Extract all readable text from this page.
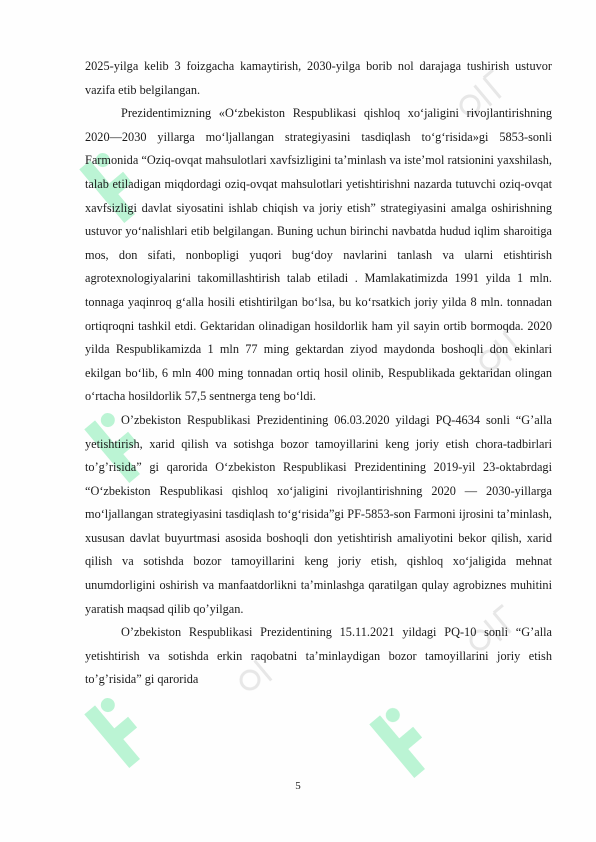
2025-yilga kelib 3 foizgacha kamaytirish, 2030-yilga borib nol darajaga tushirish ustuvor vazifa etib belgilangan.

Prezidentimizning «O‘zbekiston Respublikasi qishloq xo‘jaligini rivojlantirishning 2020—2030 yillarga mo‘ljallangan strategiyasini tasdiqlash to‘g‘risida»gi 5853-sonli Farmonida “Oziq-ovqat mahsulotlari xavfsizligini ta’minlash va iste’mol ratsionini yaxshilash, talab etiladigan miqdordagi oziq-ovqat mahsulotlari yetishtirishni nazarda tutuvchi oziq-ovqat xavfsizligi davlat siyosatini ishlab chiqish va joriy etish” strategiyasini amalga oshirishning ustuvor yo‘nalishlari etib belgilangan. Buning uchun birinchi navbatda hudud iqlim sharoitiga mos, don sifati, nonbopligi yuqori bug‘doy navlarini tanlash va ularni etishtirish agrotexnologiyalarini takomillashtirish talab etiladi . Mamlakatimizda 1991 yilda 1 mln. tonnaga yaqinroq g‘alla hosili etishtirilgan bo‘lsa, bu ko‘rsatkich joriy yilda 8 mln. tonnadan ortiqroqni tashkil etdi. Gektaridan olinadigan hosildorlik ham yil sayin ortib bormoqda. 2020 yilda Respublikamizda 1 mln 77 ming gektardan ziyod maydonda boshoqli don ekinlari ekilgan bo‘lib, 6 mln 400 ming tonnadan ortiq hosil olinib, Respublikada gektaridan olingan o‘rtacha hosildorlik 57,5 sentnerga teng bo‘ldi.

O’zbekiston Respublikasi Prezidentining 06.03.2020 yildagi PQ-4634 sonli “G’alla yetishtirish, xarid qilish va sotishga bozor tamoyillarini keng joriy etish chora-tadbirlari to’g’risida” gi qarorida O‘zbekiston Respublikasi Prezidentining 2019-yil 23-oktabrdagi “O‘zbekiston Respublikasi qishloq xo‘jaligini rivojlantirishning 2020 — 2030-yillarga mo‘ljallangan strategiyasini tasdiqlash to‘g‘risida”gi PF-5853-son Farmoni ijrosini ta’minlash, xususan davlat buyurtmasi asosida boshoqli don yetishtirish amaliyotini bekor qilish, xarid qilish va sotishda bozor tamoyillarini keng joriy etish, qishloq xo‘jaligida mehnat unumdorligini oshirish va manfaatdorlikni ta’minlashga qaratilgan qulay agrobiznes muhitini yaratish maqsad qilib qo’yilgan.

O’zbekiston Respublikasi Prezidentining 15.11.2021 yildagi PQ-10 sonli “G’alla yetishtirish va sotishda erkin raqobatni ta’minlaydigan bozor tamoyillarini joriy etish to’g’risida” gi qarorida

5
